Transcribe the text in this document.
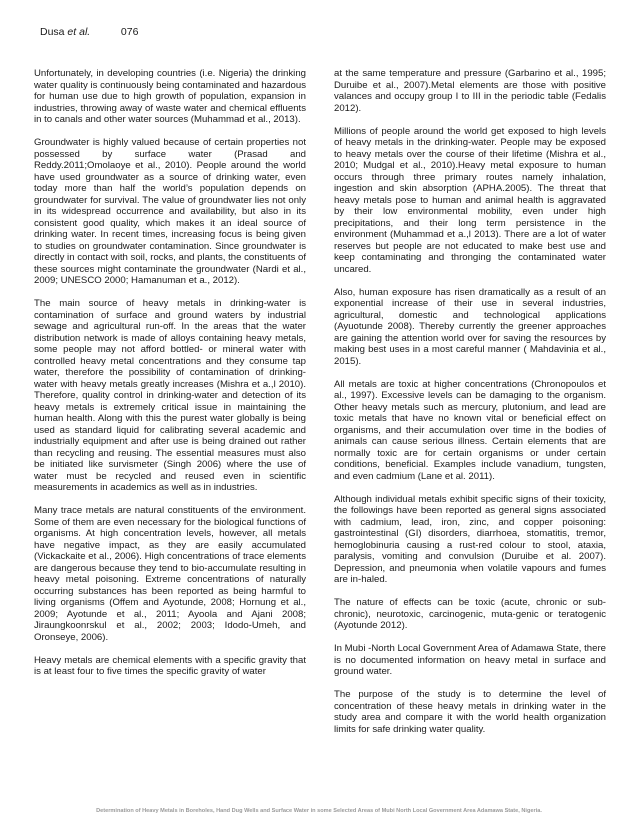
Dusa et al.	076

Unfortunately, in developing countries (i.e. Nigeria) the drinking water quality is continuously being contaminated and hazardous for human use due to high growth of population, expansion in industries, throwing away of waste water and chemical effluents in to canals and other water sources (Muhammad et al., 2013).

Groundwater is highly valued because of certain properties not possessed by surface water (Prasad and Reddy.2011;Omolaoye et al., 2010). People around the world have used groundwater as a source of drinking water, even today more than half the world’s population depends on groundwater for survival. The value of groundwater lies not only in its widespread occurrence and availability, but also in its consistent good quality, which makes it an ideal source of drinking water. In recent times, increasing focus is being given to studies on groundwater contamination. Since groundwater is directly in contact with soil, rocks, and plants, the constituents of these sources might contaminate the groundwater (Nardi et al., 2009; UNESCO 2000; Hamanuman et a., 2012).

The main source of heavy metals in drinking-water is contamination of surface and ground waters by industrial sewage and agricultural run-off. In the areas that the water distribution network is made of alloys containing heavy metals, some people may not afford bottled- or mineral water with controlled heavy metal concentrations and they consume tap water, therefore the possibility of contamination of drinking-water with heavy metals greatly increases (Mishra et a.,l 2010). Therefore, quality control in drinking-water and detection of its heavy metals is extremely critical issue in maintaining the human health. Along with this the purest water globally is being used as standard liquid for calibrating several academic and industrially equipment and after use is being drained out rather than recycling and reusing. The essential measures must also be initiated like survismeter (Singh 2006) where the use of water must be recycled and reused even in scientific measurements in academics as well as in industries.

Many trace metals are natural constituents of the environment. Some of them are even necessary for the biological functions of organisms. At high concentration levels, however, all metals have negative impact, as they are easily accumulated (Vickackaite et al., 2006). High concentrations of trace elements are dangerous because they tend to bio-accumulate resulting in heavy metal poisoning. Extreme concentrations of naturally occurring substances has been reported as being harmful to living organisms (Offem and Ayotunde, 2008; Hornung et al., 2009; Ayotunde et al., 2011; Ayoola and Ajani 2008; Jiraungkoonrskul et al., 2002; 2003; Idodo-Umeh, and Oronseye, 2006).

Heavy metals are chemical elements with a specific gravity that is at least four to five times the specific gravity of water

at the same temperature and pressure (Garbarino et al., 1995; Duruibe et al., 2007).Metal elements are those with positive valances and occupy group I to III in the periodic table (Fedalis 2012).

Millions of people around the world get exposed to high levels of heavy metals in the drinking-water. People may be exposed to heavy metals over the course of their lifetime (Mishra et al., 2010; Mudgal et al., 2010).Heavy metal exposure to human occurs through three primary routes namely inhalation, ingestion and skin absorption (APHA.2005). The threat that heavy metals pose to human and animal health is aggravated by their low environmental mobility, even under high precipitations, and their long term persistence in the environment (Muhammad et a.,l 2013). There are a lot of water reserves but people are not educated to make best use and keep contaminating and thronging the contaminated water uncared.

Also, human exposure has risen dramatically as a result of an exponential increase of their use in several industries, agricultural, domestic and technological applications (Ayuotunde 2008). Thereby currently the greener approaches are gaining the attention world over for saving the resources by making best uses in a most careful manner ( Mahdavinia et al., 2015).

All metals are toxic at higher concentrations (Chronopoulos et al., 1997). Excessive levels can be damaging to the organism. Other heavy metals such as mercury, plutonium, and lead are toxic metals that have no known vital or beneficial effect on organisms, and their accumulation over time in the bodies of animals can cause serious illness. Certain elements that are normally toxic are for certain organisms or under certain conditions, beneficial. Examples include vanadium, tungsten, and even cadmium (Lane et al. 2011).

Although individual metals exhibit specific signs of their toxicity, the followings have been reported as general signs associated with cadmium, lead, iron, zinc, and copper poisoning: gastrointestinal (GI) disorders, diarrhoea, stomatitis, tremor, hemoglobinuria causing a rust-red colour to stool, ataxia, paralysis, vomiting and convulsion (Duruibe et al. 2007). Depression, and pneumonia when volatile vapours and fumes are in-haled.

The nature of effects can be toxic (acute, chronic or sub-chronic), neurotoxic, carcinogenic, muta-genic or teratogenic (Ayotunde 2012).

In Mubi -North Local Government Area of Adamawa State, there is no documented information on heavy metal in surface and ground water.

The purpose of the study is to determine the level of concentration of these heavy metals in drinking water in the study area and compare it with the world health organization limits for safe drinking water quality.

Determination of Heavy Metals in Boreholes, Hand Dug Wells and Surface Water in some Selected Areas of Mubi North Local Government Area Adamawa State, Nigeria.
